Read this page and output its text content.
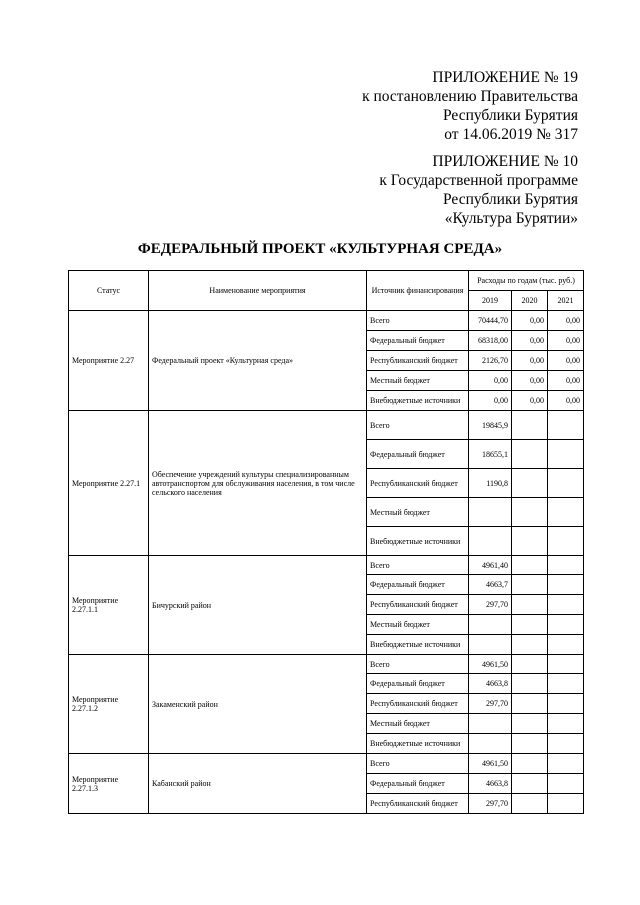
ПРИЛОЖЕНИЕ № 19
к постановлению Правительства
Республики Бурятия
от 14.06.2019 № 317
ПРИЛОЖЕНИЕ № 10
к Государственной программе
Республики Бурятия
«Культура Бурятии»
ФЕДЕРАЛЬНЫЙ ПРОЕКТ «КУЛЬТУРНАЯ СРЕДА»
Статус	Наименование мероприятия	Источник финансирования	Расходы по годам (тыс. руб.)		
			2019	2020	2021
Мероприятие 2.27	Федеральный проект «Культурная среда»	Всего	70444,70	0,00	0,00
		Федеральный бюджет	68318,00	0,00	0,00
		Республиканский бюджет	2126,70	0,00	0,00
		Местный бюджет	0,00	0,00	0,00
		Внебюджетные источники	0,00	0,00	0,00
Мероприятие 2.27.1	Обеспечение учреждений культуры специализированным автотранспортом для обслуживания населения, в том числе сельского населения	Всего	19845,9		
		Федеральный бюджет	18655,1		
		Республиканский бюджет	1190,8		
		Местный бюджет			
		Внебюджетные источники			
Мероприятие 2.27.1.1	Бичурский район	Всего	4961,40		
		Федеральный бюджет	4663,7		
		Республиканский бюджет	297,70		
		Местный бюджет			
		Внебюджетные источники			
Мероприятие 2.27.1.2	Закаменский район	Всего	4961,50		
		Федеральный бюджет	4663,8		
		Республиканский бюджет	297,70		
		Местный бюджет			
		Внебюджетные источники			
Мероприятие 2.27.1.3	Кабанский район	Всего	4961,50		
		Федеральный бюджет	4663,8		
		Республиканский бюджет	297,70		
